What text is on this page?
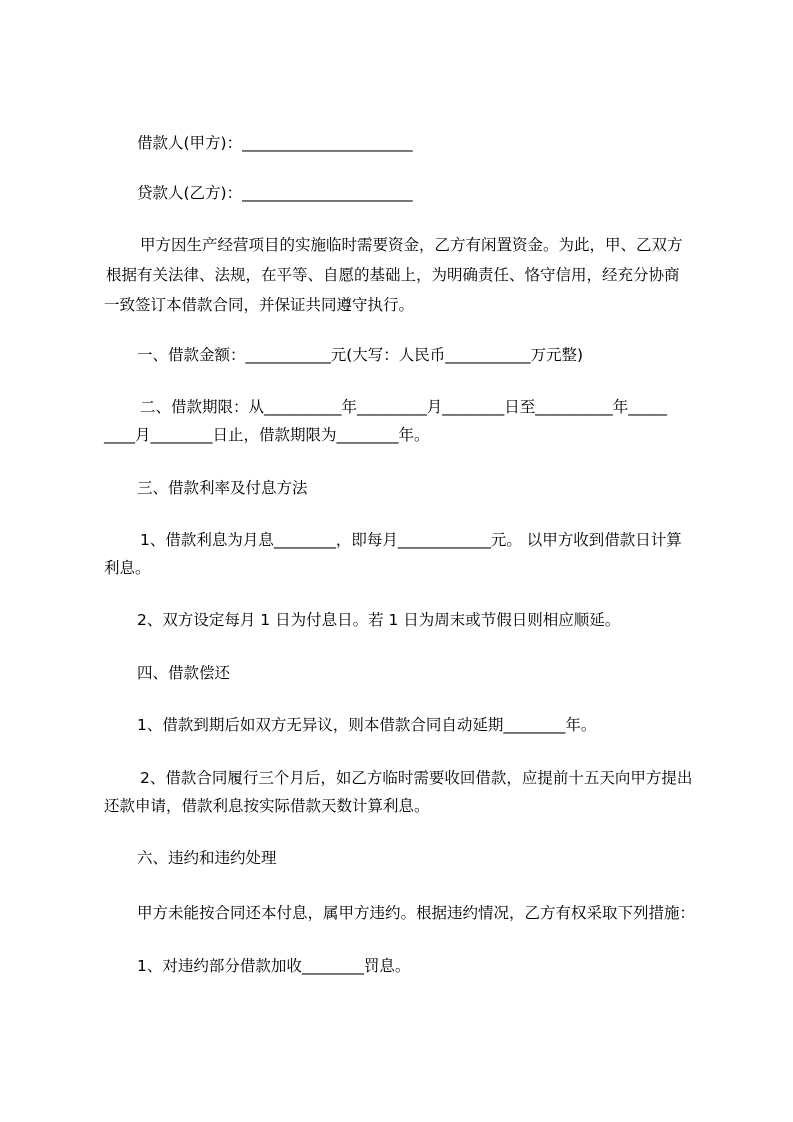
借款人(甲方)：______________________
贷款人(乙方)：______________________
甲方因生产经营项目的实施临时需要资金，乙方有闲置资金。为此，甲、乙双方
根据有关法律、法规，在平等、自愿的基础上，为明确责任、恪守信用，经充分协商
一致签订本借款合同，并保证共同遵守执行。
一、借款金额：___________元(大写：人民币___________万元整)
二、借款期限：从__________年_________月________日至__________年_____
____月________日止，借款期限为________年。
三、借款利率及付息方法
1、借款利息为月息________，即每月____________元。 以甲方收到借款日计算
利息。
2、双方设定每月 1 日为付息日。若 1 日为周末或节假日则相应顺延。
四、借款偿还
1、借款到期后如双方无异议，则本借款合同自动延期________年。
2、借款合同履行三个月后，如乙方临时需要收回借款，应提前十五天向甲方提出
还款申请，借款利息按实际借款天数计算利息。
六、违约和违约处理
甲方未能按合同还本付息，属甲方违约。根据违约情况，乙方有权采取下列措施：
1、对违约部分借款加收________罚息。
